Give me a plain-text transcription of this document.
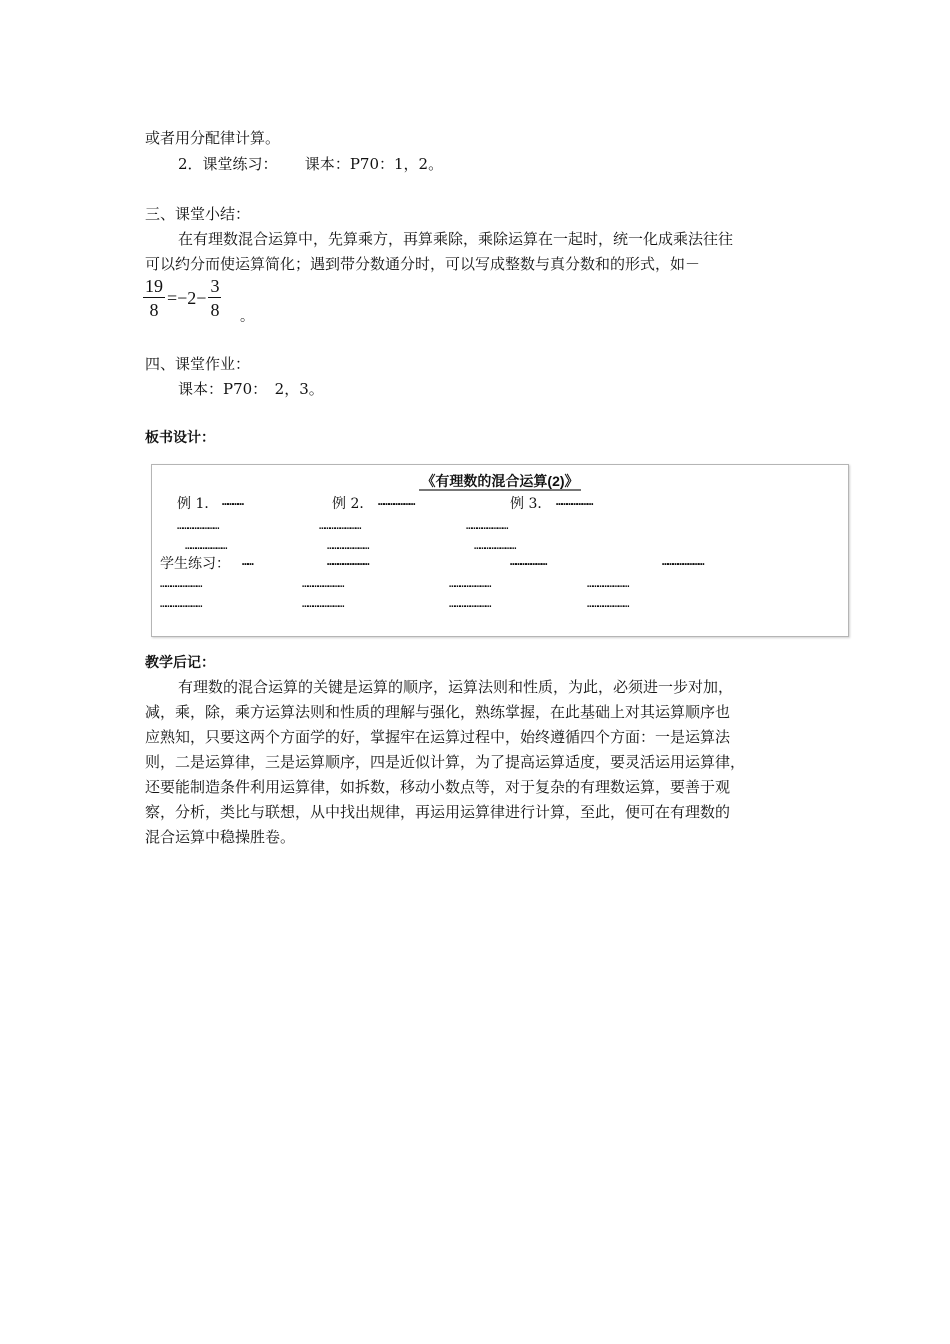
或者用分配律计算。
2．课堂练习：　　 课本：P70：1，2。
三、课堂小结：
在有理数混合运算中，先算乘方，再算乘除，乘除运算在一起时，统一化成乘法往往
可以约分而使运算简化；遇到带分数通分时，可以写成整数与真分数和的形式，如－
$\frac{19}{8} =-2- \frac{3}{8}$ 。
四、课堂作业：
课本：P70：　2，3。
板书设计：
《有理数的混合运算(2)》
例 1． …………	例 2． …………………	例 3． …………………
……………………	……………………	……………………
……………………	……………………	……………………
学生练习： ……	……………………	…………………	……………………
……………………	……………………	……………………	……………………
……………………	……………………	……………………	……………………
教学后记：
有理数的混合运算的关键是运算的顺序，运算法则和性质，为此，必须进一步对加，
减，乘，除，乘方运算法则和性质的理解与强化，熟练掌握，在此基础上对其运算顺序也
应熟知，只要这两个方面学的好，掌握牢在运算过程中，始终遵循四个方面：一是运算法
则，二是运算律，三是运算顺序，四是近似计算，为了提高运算适度，要灵活运用运算律，
还要能制造条件利用运算律，如拆数，移动小数点等，对于复杂的有理数运算，要善于观
察，分析，类比与联想，从中找出规律，再运用运算律进行计算，至此，便可在有理数的
混合运算中稳操胜卷。
